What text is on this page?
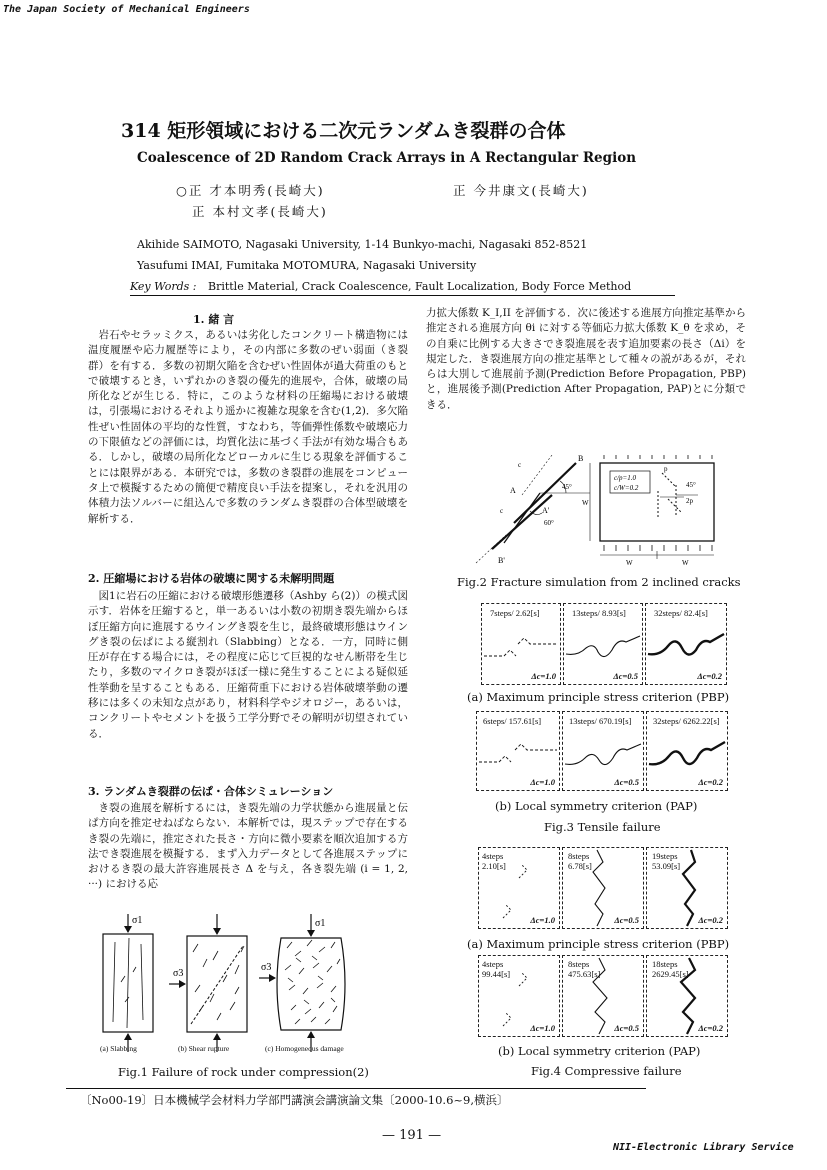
The Japan Society of Mechanical Engineers
314 矩形領域における二次元ランダムき裂群の合体
Coalescence of 2D Random Crack Arrays in A Rectangular Region
○正 才本明秀(長崎大)	正 今井康文(長崎大)
正 本村文孝(長崎大)
Akihide SAIMOTO, Nagasaki University, 1-14 Bunkyo-machi, Nagasaki 852-8521
Yasufumi IMAI, Fumitaka MOTOMURA, Nagasaki University
Key Words : Brittle Material, Crack Coalescence, Fault Localization, Body Force Method
1. 緒 言

岩石やセラッミクス，あるいは劣化したコンクリート構造物には温度履歴や応力履歴等により，その内部に多数のぜい弱面（き裂群）を有する．多数の初期欠陥を含むぜい性固体が過大荷重のもとで破壊するとき，いずれかのき裂の優先的進展や，合体，破壊の局所化などが生じる．特に，このような材料の圧縮場における破壊は，引張場におけるそれより遥かに複雑な現象を含む(1,2)．多欠陥性ぜい性固体の平均的な性質，すなわち，等価弾性係数や破壊応力の下限値などの評価には，均質化法に基づく手法が有効な場合もある．しかし，破壊の局所化などローカルに生じる現象を評価することには限界がある．本研究では，多数のき裂群の進展をコンピュータ上で模擬するための簡便で精度良い手法を提案し，それを汎用の体積力法ソルバーに組込んで多数のランダムき裂群の合体型破壊を解析する．

2. 圧縮場における岩体の破壊に関する未解明問題

図1に岩石の圧縮における破壊形態遷移（Ashby ら(2)）の模式図示す．岩体を圧縮すると，単一あるいは小数の初期き裂先端からほぼ圧縮方向に進展するウイングき裂を生じ，最終破壊形態はウイングき裂の伝ぱによる縦割れ（Slabbing）となる．一方，同時に側圧が存在する場合には，その程度に応じて巨視的なせん断帯を生じたり，多数のマイクロき裂がほぼ一様に発生することによる疑似延性挙動を呈することもある．圧縮荷重下における岩体破壊挙動の遷移には多くの未知な点があり，材料科学やジオロジー，あるいは，コンクリートやセメントを扱う工学分野でその解明が切望されている．

3. ランダムき裂群の伝ぱ・合体シミュレーション

き裂の進展を解析するには，き裂先端の力学状態から進展量と伝ぱ方向を推定せねばならない．本解析では，現ステップで存在するき裂の先端に，推定された長さ・方向に微小要素を順次追加する方法でき裂進展を模擬する．まず入力データとして各進展ステップにおけるき裂の最大許容進展長さ Δ を与え，各き裂先端 (i = 1, 2, ···) における応

σ1
σ3
σ1
σ3
(a) Slabbing	(b) Shear rupture	(c) Homogeneous damage
Fig.1 Failure of rock under compression(2)

力拡大係数 K_I,II を評価する．次に後述する進展方向推定基準から推定される進展方向 θi に対する等価応力拡大係数 K_θ を求め，その自乗に比例する大きさでき裂進展を表す追加要素の長さ（Δi）を規定した．き裂進展方向の推定基準として種々の説があるが，それらは大別して進展前予測(Prediction Before Propagation, PBP)と，進展後予測(Prediction After Propagation, PAP)とに分類できる．

B
A
A'
B'
c
c
45°
60°
c/p=1.0
c/W=0.2
p
45°
2p
W
W	W
Fig.2 Fracture simulation from 2 inclined cracks
7steps/ 2.62[s]
Δc=1.0
13steps/ 8.93[s]
Δc=0.5
32steps/ 82.4[s]
Δc=0.2
(a) Maximum principle stress criterion (PBP)
6steps/ 157.61[s]
Δc=1.0
13steps/ 670.19[s]
Δc=0.5
32steps/ 6262.22[s]
Δc=0.2
(b) Local symmetry criterion (PAP)
Fig.3 Tensile failure
4steps
2.10[s]
Δc=1.0
8steps
6.78[s]
Δc=0.5
19steps
53.09[s]
Δc=0.2
(a) Maximum principle stress criterion (PBP)
4steps
99.44[s]
Δc=1.0
8steps
475.63[s]
Δc=0.5
18steps
2629.45[s]
Δc=0.2
(b) Local symmetry criterion (PAP)
Fig.4 Compressive failure
〔No00-19〕日本機械学会材料力学部門講演会講演論文集〔2000-10.6~9,横浜〕
— 191 —
NII-Electronic Library Service
